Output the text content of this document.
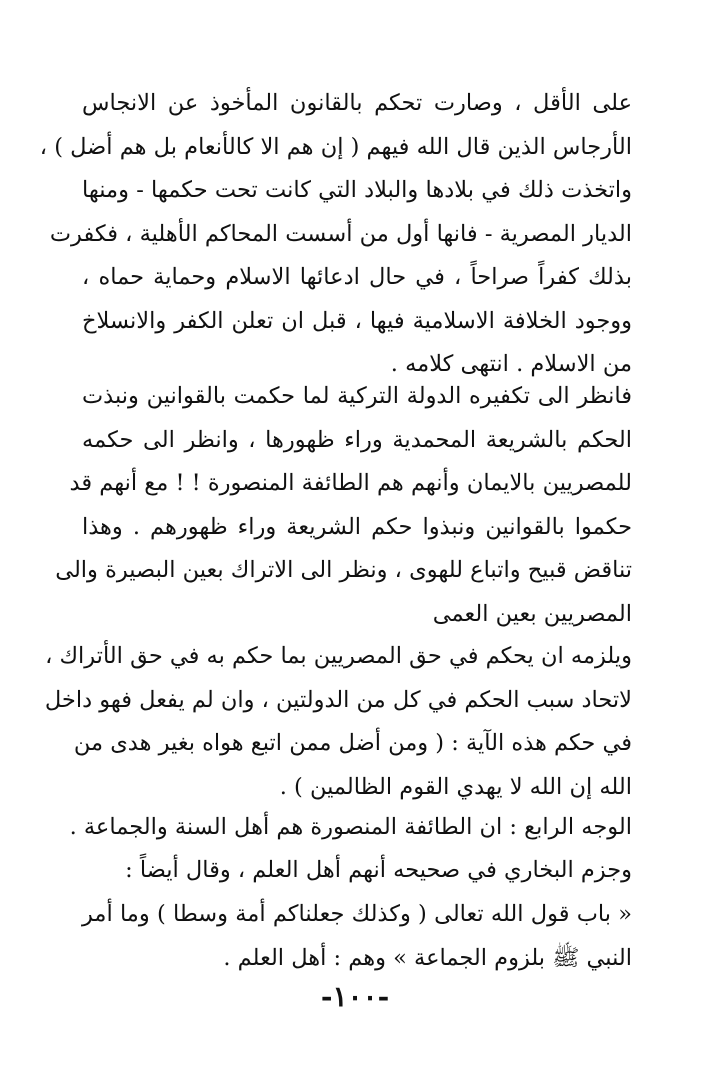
على الأقل ، وصارت تحكم بالقانون المأخوذ عن الانجاس
الأرجاس الذين قال الله فيهم ( إن هم الا كالأنعام بل هم أضل ) ،
واتخذت ذلك في بلادها والبلاد التي كانت تحت حكمها - ومنها
الديار المصرية - فانها أول من أسست المحاكم الأهلية ، فكفرت
بذلك كفراً صراحاً ، في حال ادعائها الاسلام وحماية حماه ،
ووجود الخلافة الاسلامية فيها ، قبل ان تعلن الكفر والانسلاخ
من الاسلام . انتهى كلامه .
فانظر الى تكفيره الدولة التركية لما حكمت بالقوانين ونبذت
الحكم بالشريعة المحمدية وراء ظهورها ، وانظر الى حكمه
للمصريين بالايمان وأنهم هم الطائفة المنصورة ! ! مع أنهم قد
حكموا بالقوانين ونبذوا حكم الشريعة وراء ظهورهم . وهذا
تناقض قبيح واتباع للهوى ، ونظر الى الاتراك بعين البصيرة والى
المصريين بعين العمى
ويلزمه ان يحكم في حق المصريين بما حكم به في حق الأتراك ،
لاتحاد سبب الحكم في كل من الدولتين ، وان لم يفعل فهو داخل
في حكم هذه الآية : ( ومن أضل ممن اتبع هواه بغير هدى من
الله إن الله لا يهدي القوم الظالمين ) .
الوجه الرابع : ان الطائفة المنصورة هم أهل السنة والجماعة .
وجزم البخاري في صحيحه أنهم أهل العلم ، وقال أيضاً :
« باب قول الله تعالى ( وكذلك جعلناكم أمة وسطا ) وما أمر
النبي ﷺ بلزوم الجماعة » وهم : أهل العلم .
-١٠٠-
